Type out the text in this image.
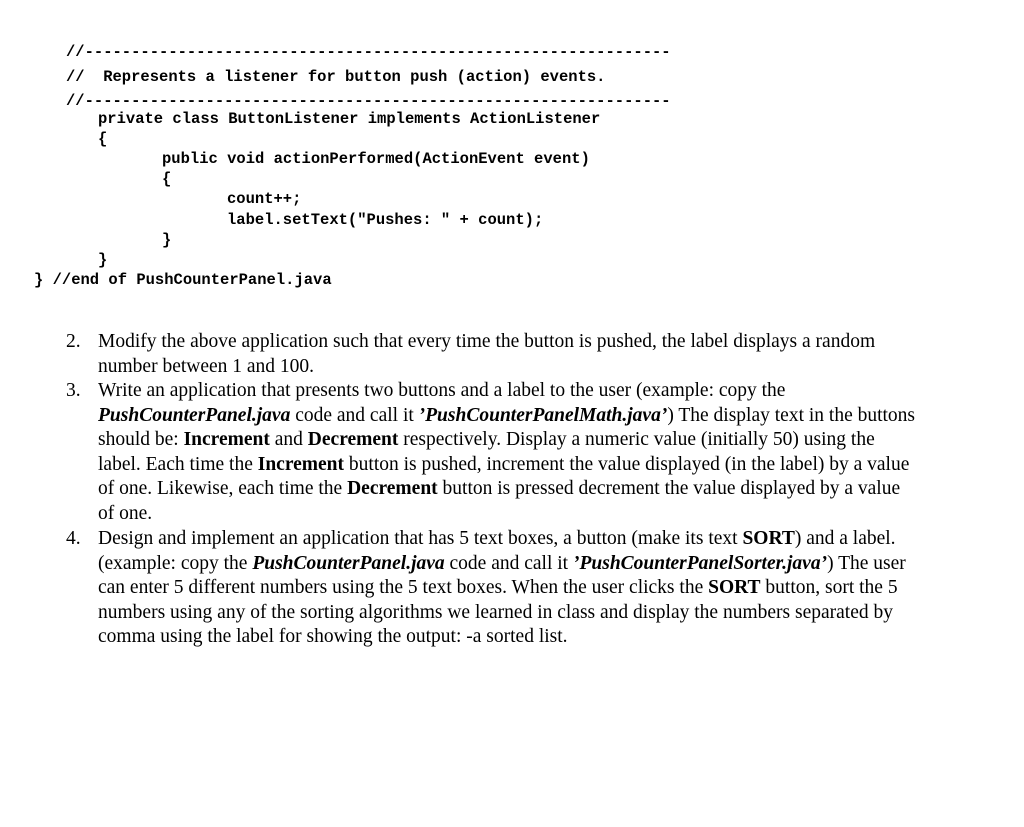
//---------------------------------------------------------------
//  Represents a listener for button push (action) events.
//---------------------------------------------------------------
private class ButtonListener implements ActionListener
{
public void actionPerformed(ActionEvent event)
{
count++;
label.setText("Pushes: " + count);
}
}
} //end of PushCounterPanel.java
2. Modify the above application such that every time the button is pushed, the label displays a random
number between 1 and 100.
3. Write an application that presents two buttons and a label to the user (example: copy the
PushCounterPanel.java code and call it ’PushCounterPanelMath.java’) The display text in the buttons
should be: Increment and Decrement respectively. Display a numeric value (initially 50) using the
label. Each time the Increment button is pushed, increment the value displayed (in the label) by a value
of one. Likewise, each time the Decrement button is pressed decrement the value displayed by a value
of one.
4. Design and implement an application that has 5 text boxes, a button (make its text SORT) and a label.
(example: copy the PushCounterPanel.java code and call it ’PushCounterPanelSorter.java’) The user
can enter 5 different numbers using the 5 text boxes. When the user clicks the SORT button, sort the 5
numbers using any of the sorting algorithms we learned in class and display the numbers separated by
comma using the label for showing the output: -a sorted list.
